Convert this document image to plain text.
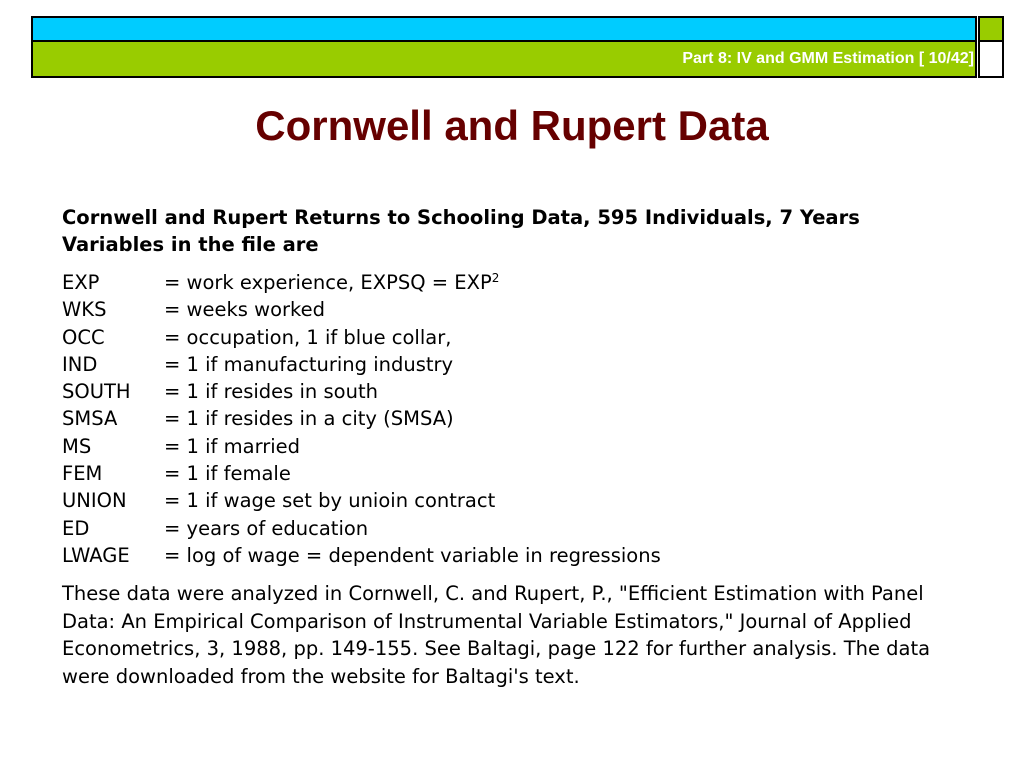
Part 8: IV and GMM Estimation [ 10/42]
Cornwell and Rupert Data
Cornwell and Rupert Returns to Schooling Data, 595 Individuals, 7 Years
Variables in the file are
EXP	= work experience, EXPSQ = $EXP^2$
WKS	= weeks worked
OCC	= occupation, 1 if blue collar,
IND	= 1 if manufacturing industry
SOUTH	= 1 if resides in south
SMSA	= 1 if resides in a city (SMSA)
MS	= 1 if married
FEM	= 1 if female
UNION	= 1 if wage set by unioin contract
ED	= years of education
LWAGE	= log of wage = dependent variable in regressions
These data were analyzed in Cornwell, C. and Rupert, P., "Efficient Estimation with Panel
Data: An Empirical Comparison of Instrumental Variable Estimators," Journal of Applied
Econometrics, 3, 1988, pp. 149-155. See Baltagi, page 122 for further analysis. The data
were downloaded from the website for Baltagi's text.
